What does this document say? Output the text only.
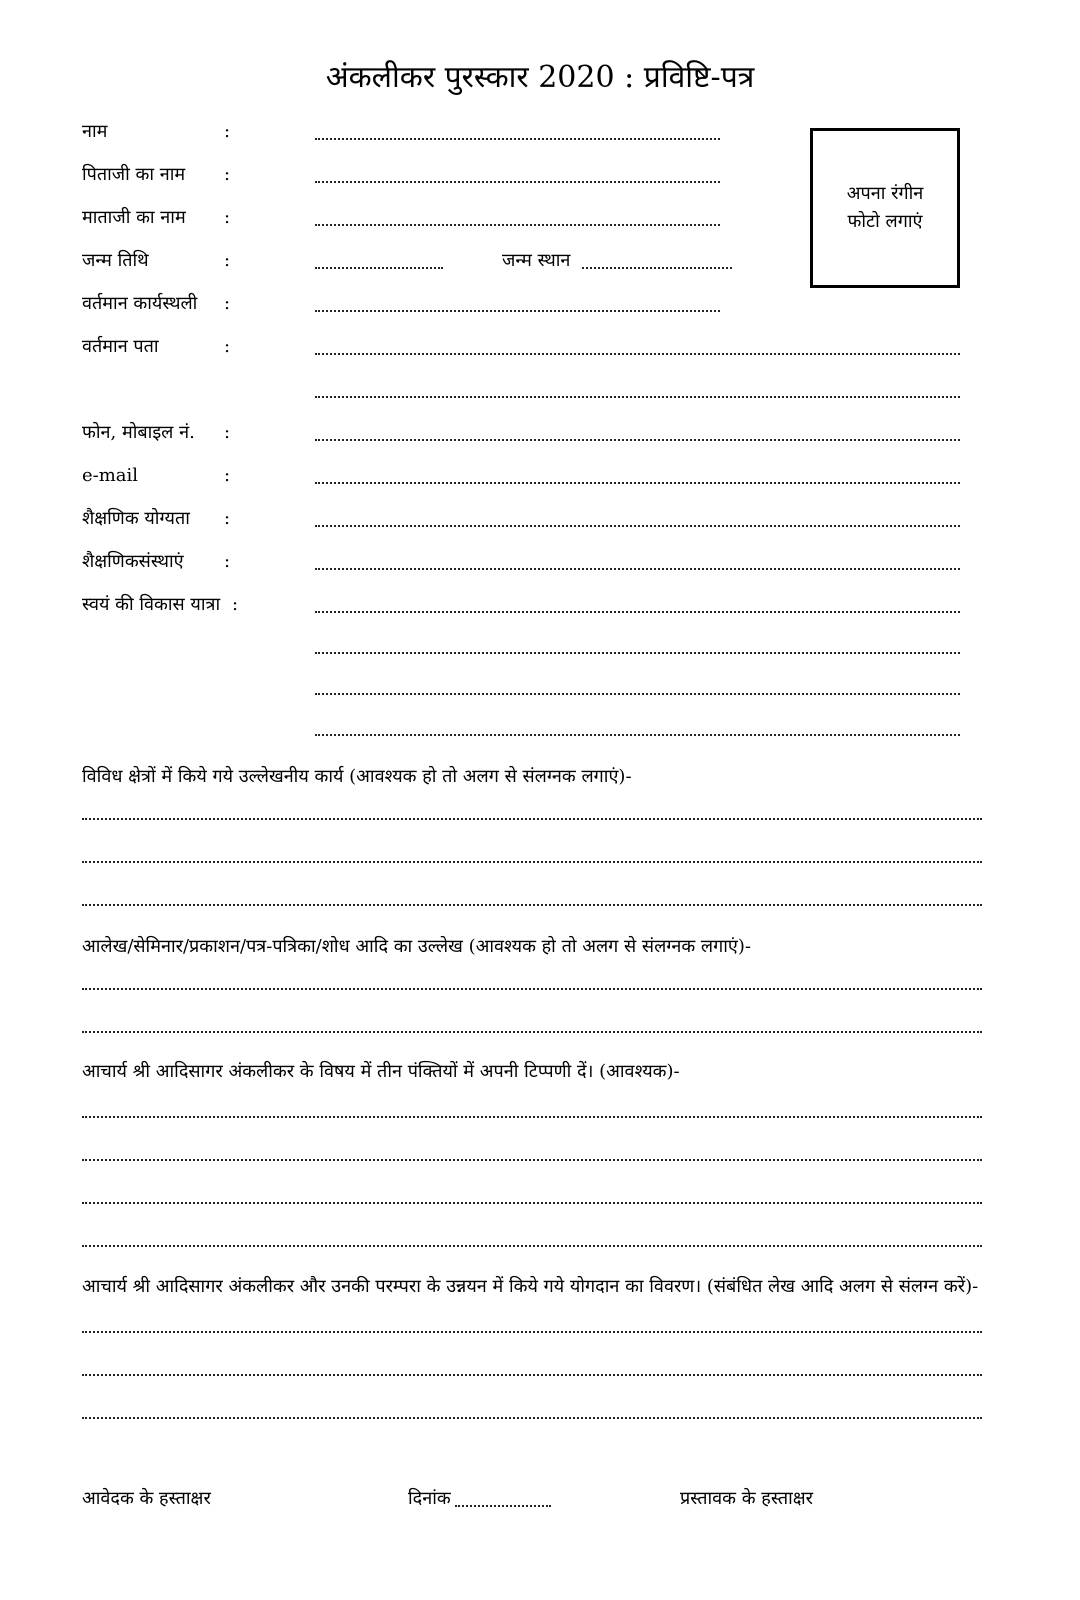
अंकलीकर पुरस्कार 2020 : प्रविष्टि-पत्र
अपना रंगीन
फोटो लगाएं
नाम	:
पिताजी का नाम :
माताजी का नाम :
जन्म तिथि	:	जन्म स्थान
वर्तमान कार्यस्थली :
वर्तमान पता	:
फोन, मोबाइल नं. :
e-mail	:
शैक्षणिक योग्यता :
शैक्षणिकसंस्थाएं :
स्वयं की विकास यात्रा :
विविध क्षेत्रों में किये गये उल्लेखनीय कार्य (आवश्यक हो तो अलग से संलग्नक लगाएं)-
आलेख/सेमिनार/प्रकाशन/पत्र-पत्रिका/शोध आदि का उल्लेख (आवश्यक हो तो अलग से संलग्नक लगाएं)-
आचार्य श्री आदिसागर अंकलीकर के विषय में तीन पंक्तियों में अपनी टिप्पणी दें। (आवश्यक)-
आचार्य श्री आदिसागर अंकलीकर और उनकी परम्परा के उन्नयन में किये गये योगदान का विवरण। (संबंधित लेख आदि अलग से संलग्न करें)-
आवेदक के हस्ताक्षर	दिनांक	प्रस्तावक के हस्ताक्षर
